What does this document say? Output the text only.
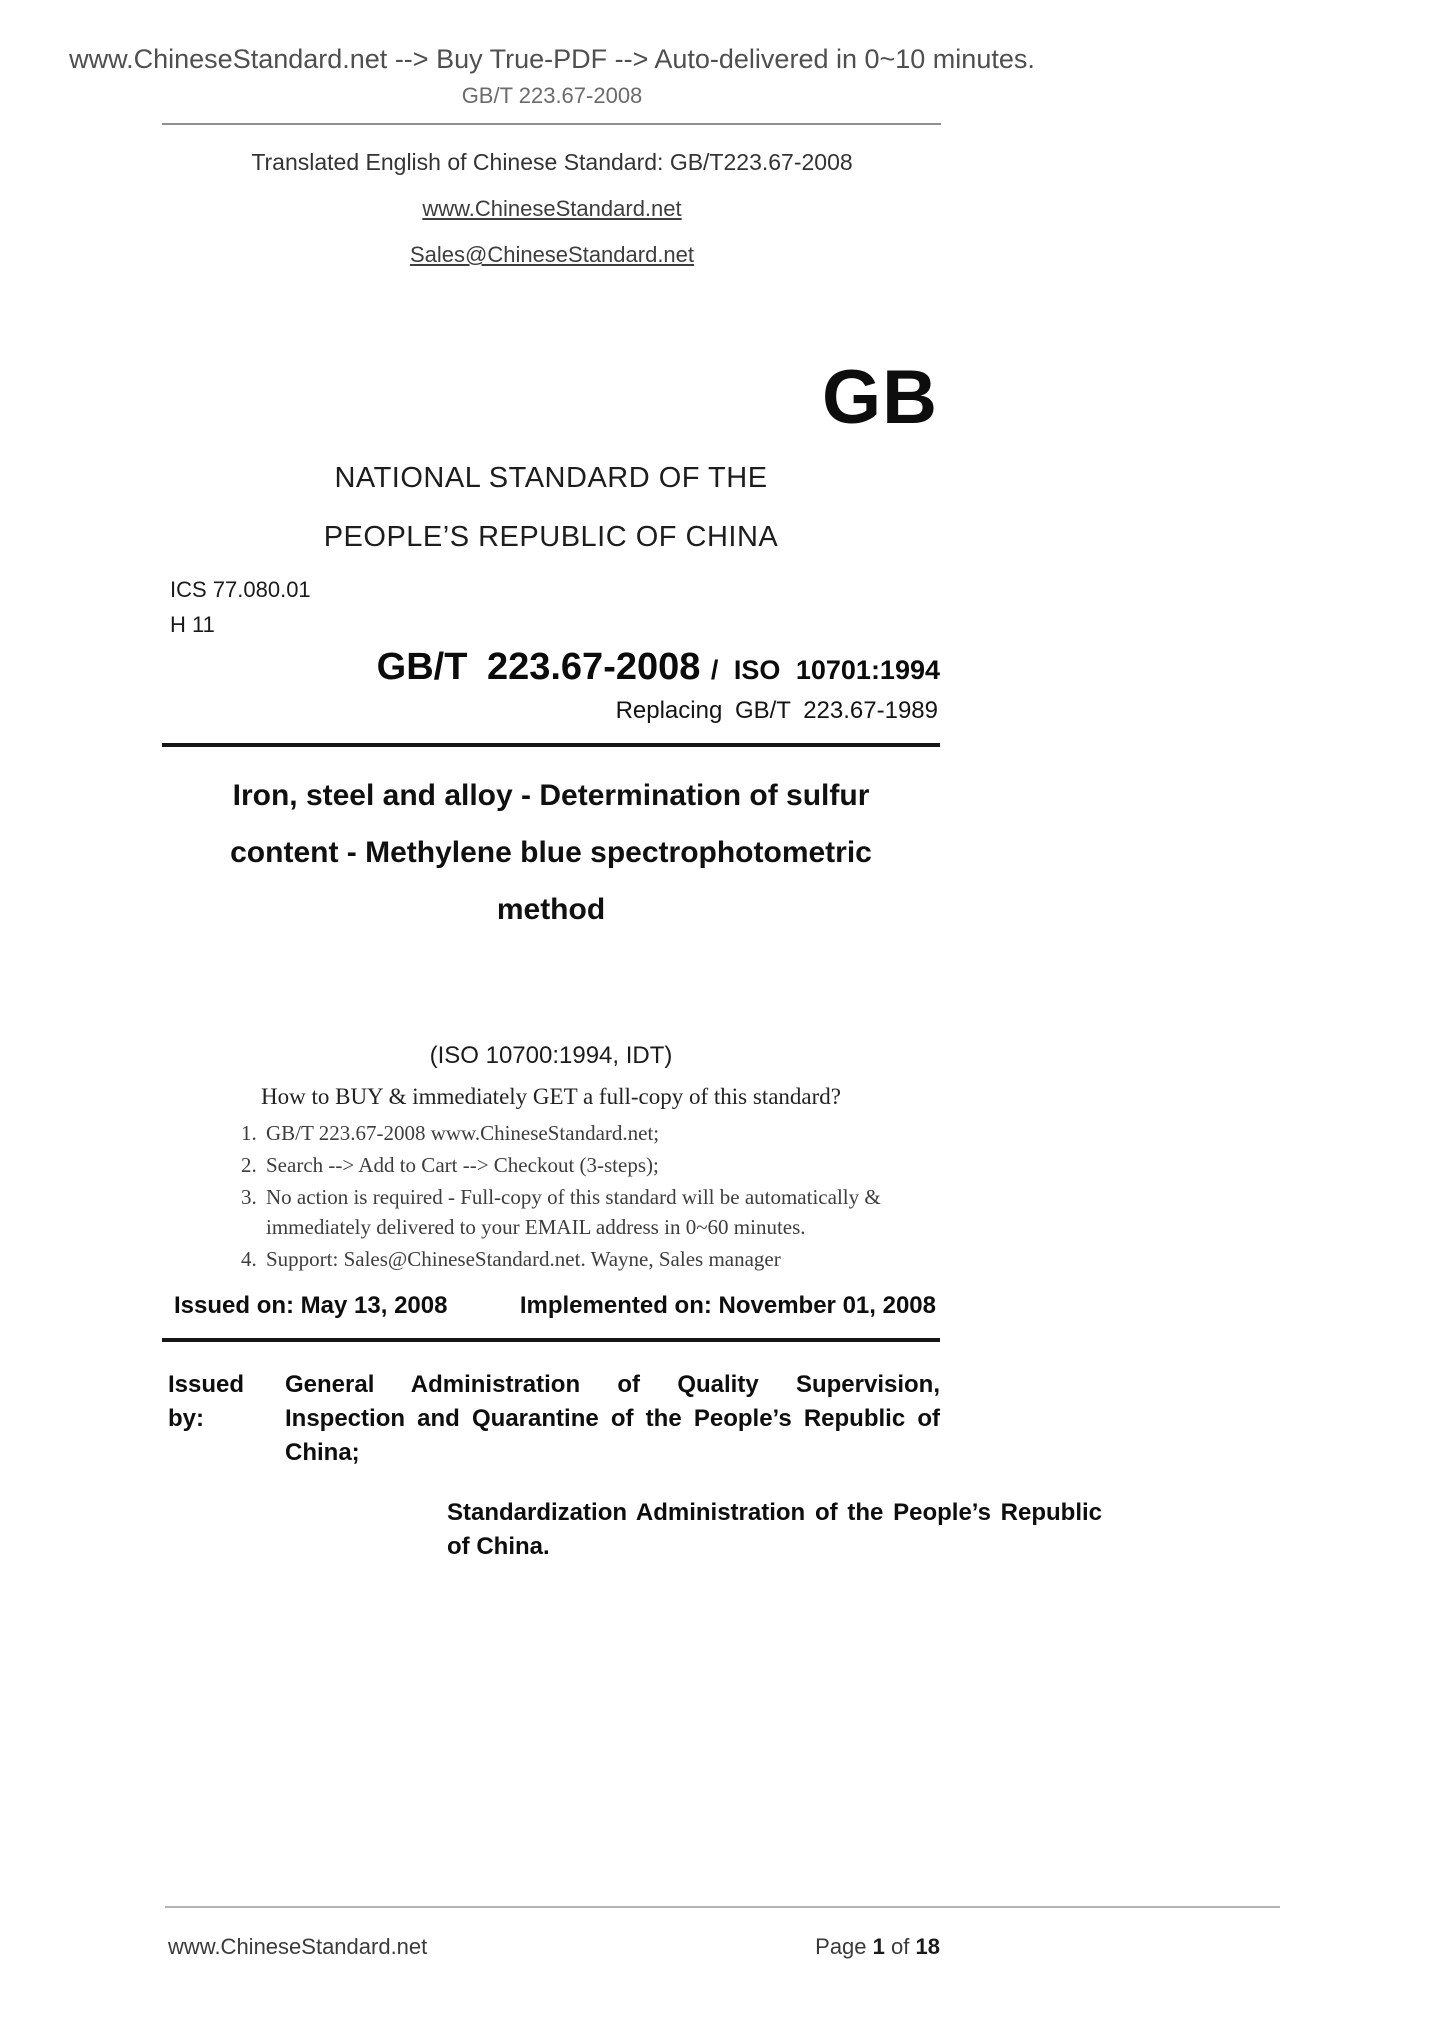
www.ChineseStandard.net --> Buy True-PDF --> Auto-delivered in 0~10 minutes.
GB/T 223.67-2008
Translated English of Chinese Standard: GB/T223.67-2008
www.ChineseStandard.net
Sales@ChineseStandard.net
GB
NATIONAL STANDARD OF THE
PEOPLE’S REPUBLIC OF CHINA
ICS 77.080.01
H 11
GB/T 223.67-2008 / ISO 10701:1994
Replacing GB/T 223.67-1989
Iron, steel and alloy - Determination of sulfur
content - Methylene blue spectrophotometric
method
(ISO 10700:1994, IDT)
How to BUY & immediately GET a full-copy of this standard?
1. GB/T 223.67-2008 www.ChineseStandard.net;
2. Search --> Add to Cart --> Checkout (3-steps);
3. No action is required - Full-copy of this standard will be automatically & immediately delivered to your EMAIL address in 0~60 minutes.
4. Support: Sales@ChineseStandard.net. Wayne, Sales manager
Issued on: May 13, 2008	Implemented on: November 01, 2008
Issued by:
General Administration of Quality Supervision, Inspection and Quarantine of the People’s Republic of China;
Standardization Administration of the People’s Republic of China.
www.ChineseStandard.net	Page 1 of 18
